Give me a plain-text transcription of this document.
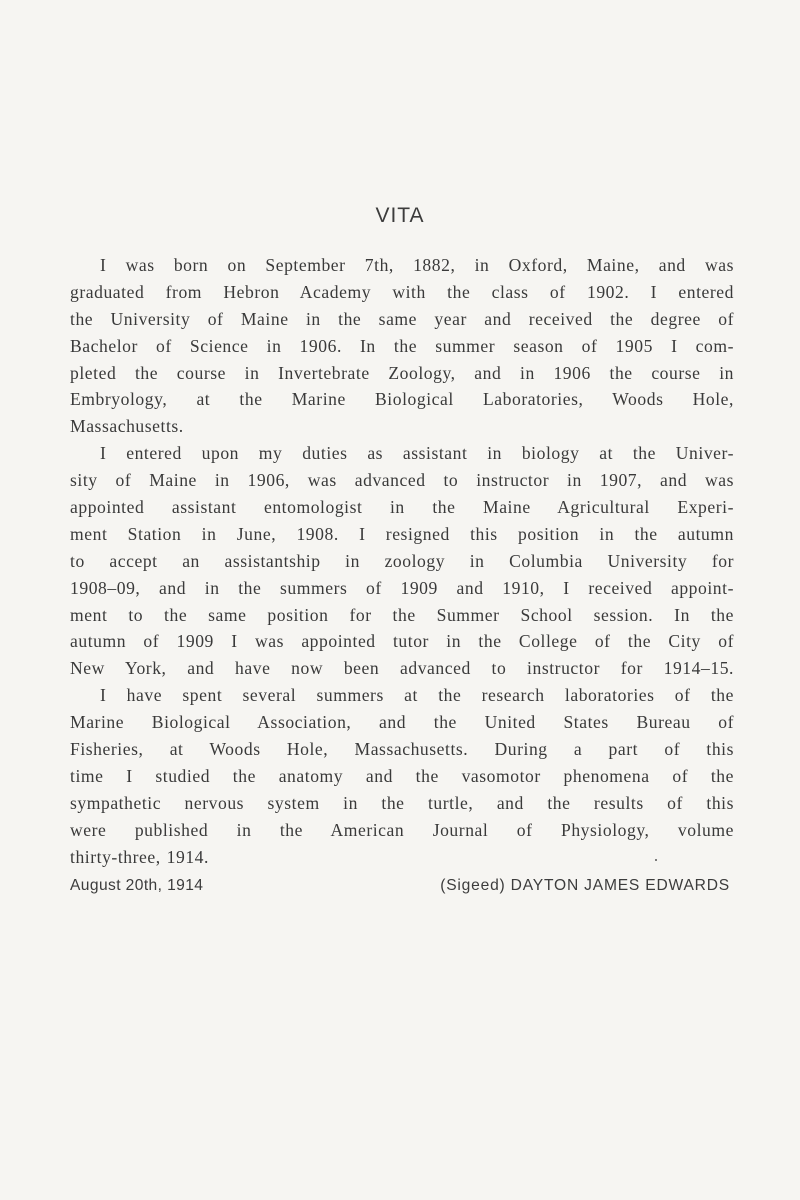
VITA
I was born on September 7th, 1882, in Oxford, Maine, and was
graduated from Hebron Academy with the class of 1902. I entered
the University of Maine in the same year and received the degree of
Bachelor of Science in 1906. In the summer season of 1905 I com-
pleted the course in Invertebrate Zoology, and in 1906 the course in
Embryology, at the Marine Biological Laboratories, Woods Hole,
Massachusetts.
I entered upon my duties as assistant in biology at the Univer-
sity of Maine in 1906, was advanced to instructor in 1907, and was
appointed assistant entomologist in the Maine Agricultural Experi-
ment Station in June, 1908. I resigned this position in the autumn
to accept an assistantship in zoology in Columbia University for
1908–09, and in the summers of 1909 and 1910, I received appoint-
ment to the same position for the Summer School session. In the
autumn of 1909 I was appointed tutor in the College of the City of
New York, and have now been advanced to instructor for 1914–15.
I have spent several summers at the research laboratories of the
Marine Biological Association, and the United States Bureau of
Fisheries, at Woods Hole, Massachusetts. During a part of this
time I studied the anatomy and the vasomotor phenomena of the
sympathetic nervous system in the turtle, and the results of this
were published in the American Journal of Physiology, volume
thirty-three, 1914.
August 20th, 1914	(Sigeed) DAYTON JAMES EDWARDS
